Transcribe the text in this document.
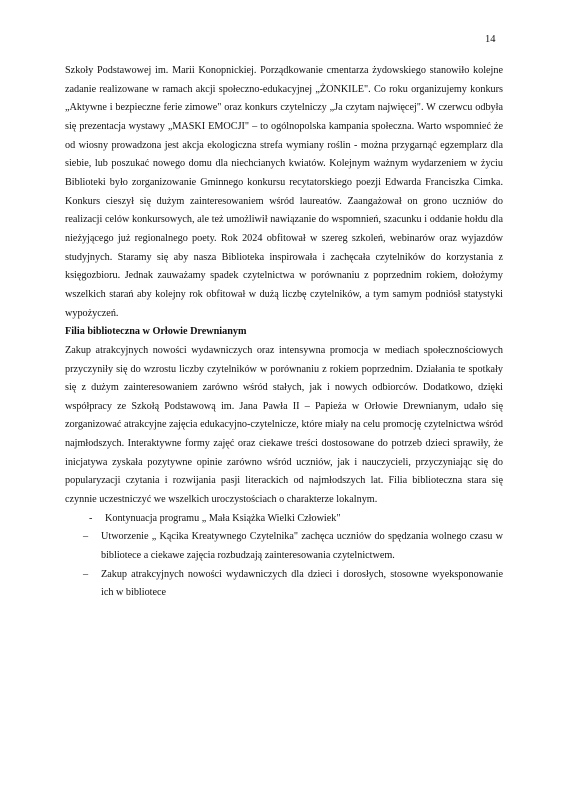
14

Szkoły Podstawowej im. Marii Konopnickiej. Porządkowanie cmentarza żydowskiego stanowiło kolejne zadanie realizowane w ramach akcji społeczno-edukacyjnej „ŻONKILE". Co roku organizujemy konkurs „Aktywne i bezpieczne ferie zimowe" oraz konkurs czytelniczy „Ja czytam najwięcej". W czerwcu odbyła się prezentacja wystawy „MASKI EMOCJI" – to ogólnopolska kampania społeczna. Warto wspomnieć że od wiosny prowadzona jest akcja ekologiczna strefa wymiany roślin - można przygarnąć egzemplarz dla siebie, lub poszukać nowego domu dla niechcianych kwiatów. Kolejnym ważnym wydarzeniem w życiu Biblioteki było zorganizowanie Gminnego konkursu recytatorskiego poezji Edwarda Franciszka Cimka. Konkurs cieszył się dużym zainteresowaniem wśród laureatów. Zaangażował on grono uczniów do realizacji celów konkursowych, ale też umożliwił nawiązanie do wspomnień, szacunku i oddanie hołdu dla nieżyjącego już regionalnego poety. Rok 2024 obfitował w szereg szkoleń, webinarów oraz wyjazdów studyjnych. Staramy się aby nasza Biblioteka inspirowała i zachęcała czytelników do korzystania z księgozbioru. Jednak zauważamy spadek czytelnictwa w porównaniu z poprzednim rokiem, dołożymy wszelkich starań aby kolejny rok obfitował w dużą liczbę czytelników, a tym samym podniósł statystyki wypożyczeń.

Filia biblioteczna w Orłowie Drewnianym

Zakup atrakcyjnych nowości wydawniczych oraz intensywna promocja w mediach społecznościowych przyczyniły się do wzrostu liczby czytelników w porównaniu z rokiem poprzednim. Działania te spotkały się z dużym zainteresowaniem zarówno wśród stałych, jak i nowych odbiorców. Dodatkowo, dzięki współpracy ze Szkołą Podstawową im. Jana Pawła II – Papieża w Orłowie Drewnianym, udało się zorganizować atrakcyjne zajęcia edukacyjno-czytelnicze, które miały na celu promocję czytelnictwa wśród najmłodszych. Interaktywne formy zajęć oraz ciekawe treści dostosowane do potrzeb dzieci sprawiły, że inicjatywa zyskała pozytywne opinie zarówno wśród uczniów, jak i nauczycieli, przyczyniając się do popularyzacji czytania i rozwijania pasji literackich od najmłodszych lat. Filia biblioteczna stara się czynnie uczestniczyć we wszelkich uroczystościach o charakterze lokalnym.

- Kontynuacja programu „ Mała Książka Wielki Człowiek"
– Utworzenie „ Kącika Kreatywnego Czytelnika" zachęca uczniów do spędzania wolnego czasu w bibliotece a ciekawe zajęcia rozbudzają zainteresowania czytelnictwem.
– Zakup atrakcyjnych nowości wydawniczych dla dzieci i dorosłych, stosowne wyeksponowanie ich w bibliotece
